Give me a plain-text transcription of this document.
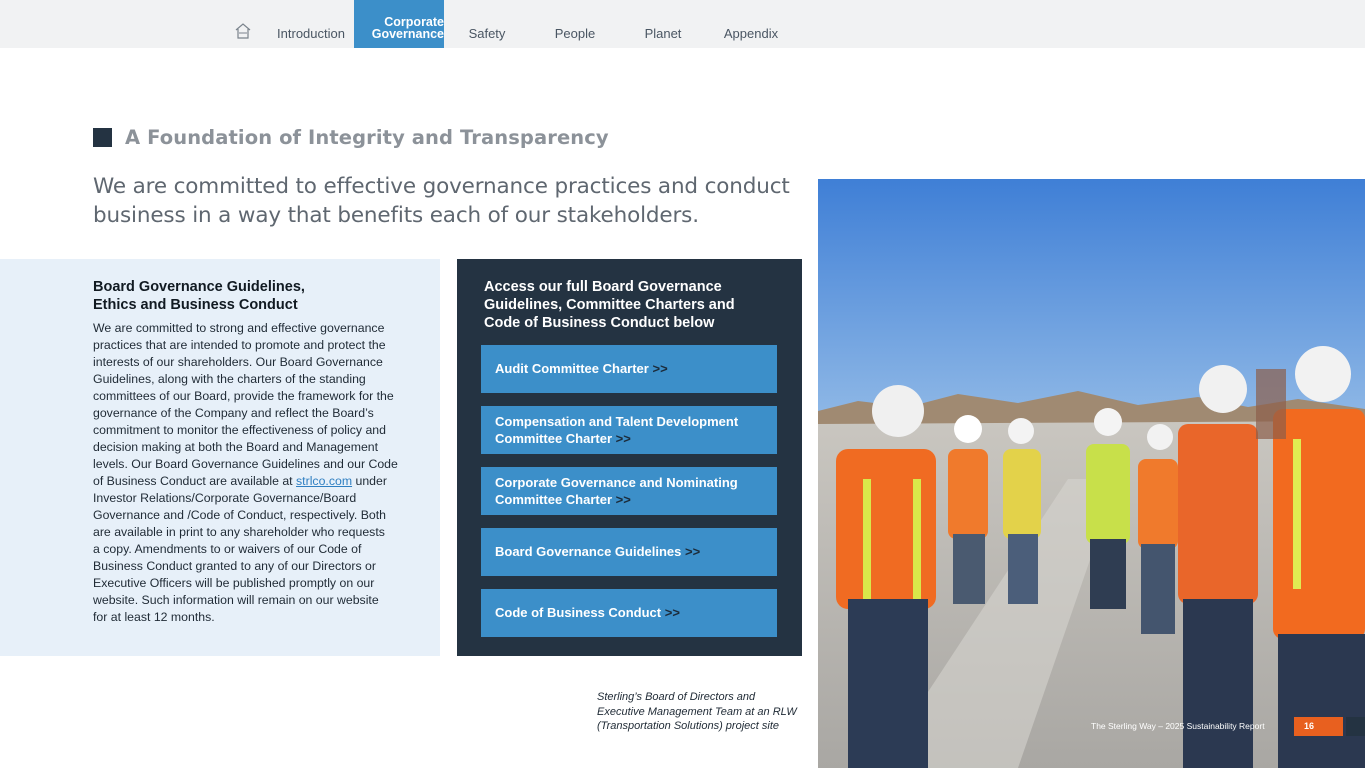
Introduction
Corporate
Governance Safety	People	Planet	Appendix
A Foundation of Integrity and Transparency
We are committed to effective governance practices and conduct
business in a way that benefits each of our stakeholders.
Board Governance Guidelines,
Ethics and Business Conduct
We are committed to strong and effective governance
practices that are intended to promote and protect the
interests of our shareholders. Our Board Governance
Guidelines, along with the charters of the standing
committees of our Board, provide the framework for the
governance of the Company and reflect the Board’s
commitment to monitor the effectiveness of policy and
decision making at both the Board and Management
levels. Our Board Governance Guidelines and our Code
of Business Conduct are available at strlco.com under
Investor Relations/Corporate Governance/Board
Governance and /Code of Conduct, respectively. Both
are available in print to any shareholder who requests
a copy. Amendments to or waivers of our Code of
Business Conduct granted to any of our Directors or
Executive Officers will be published promptly on our
website. Such information will remain on our website
for at least 12 months.
Access our full Board Governance
Guidelines, Committee Charters and
Code of Business Conduct below
Audit Committee Charter >>
Compensation and Talent Development
Committee Charter >>
Corporate Governance and Nominating
Committee Charter >>
Board Governance Guidelines >>
Code of Business Conduct >>
Sterling’s Board of Directors and
Executive Management Team at an RLW
(Transportation Solutions) project site	The Sterling Way – 2025 Sustainability Report	16
